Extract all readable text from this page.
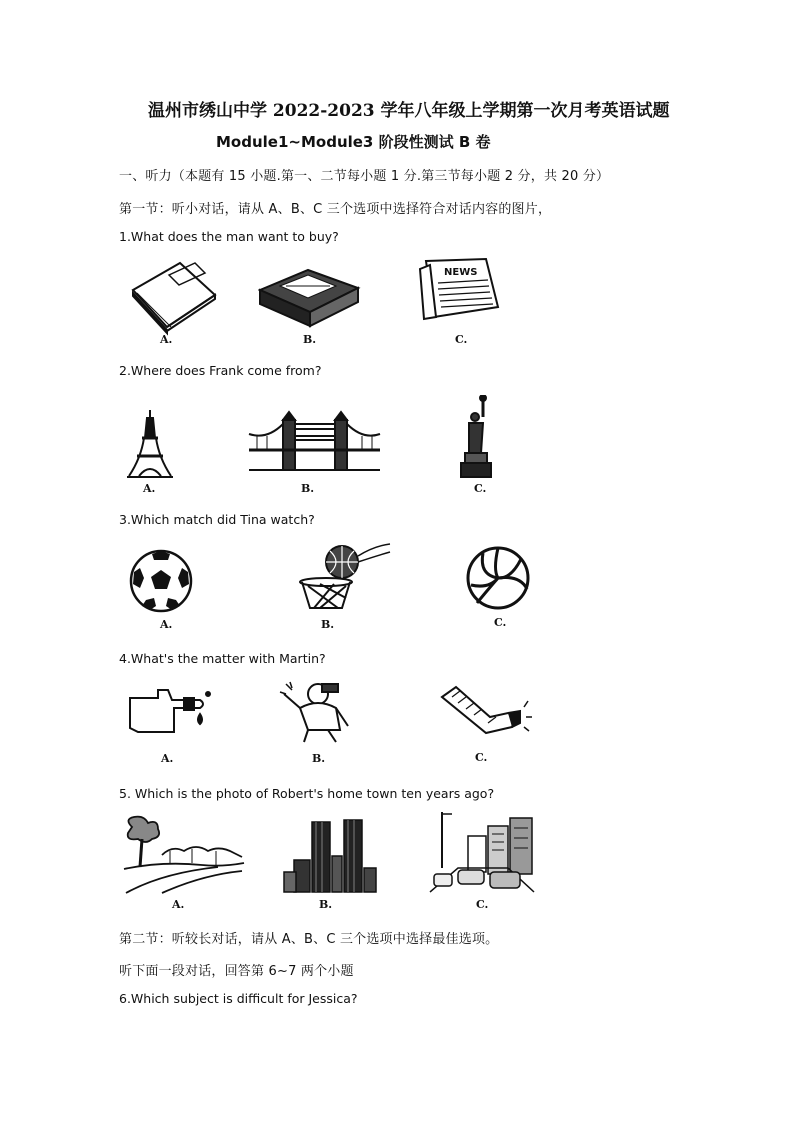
温州市绣山中学 2022-2023 学年八年级上学期第一次月考英语试题
Module1~Module3 阶段性测试 B 卷
一、听力（本题有 15 小题.第一、二节每小题 1 分.第三节每小题 2 分，共 20 分）
第一节：听小对话，请从 A、B、C 三个选项中选择符合对话内容的图片，
1.What does the man want to buy?
A.	B.
NEWS
C.
2.Where does Frank come from?
A.	B.	C.
3.Which match did Tina watch?
A.	B.	C.
4.What's the matter with Martin?
A.	B.	C.
5. Which is the photo of Robert's home town ten years ago?
A.	B.	C.
第二节：听较长对话，请从 A、B、C 三个选项中选择最佳选项。
听下面一段对话，回答第 6~7 两个小题
6.Which subject is difficult for Jessica?
